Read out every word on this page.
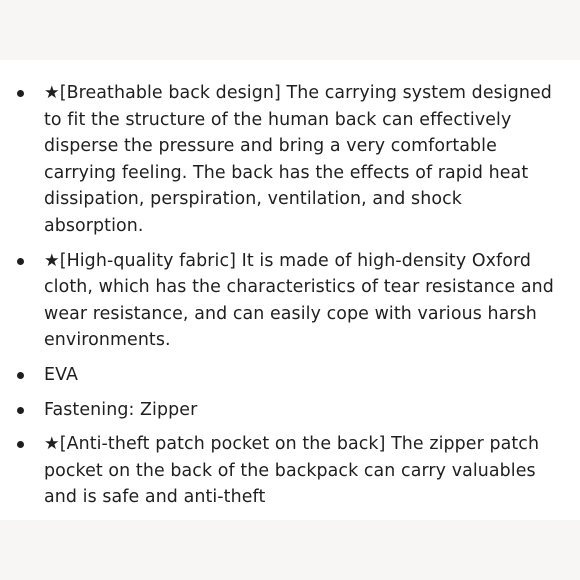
★[Breathable back design] The carrying system designed to fit the structure of the human back can effectively disperse the pressure and bring a very comfortable carrying feeling. The back has the effects of rapid heat dissipation, perspiration, ventilation, and shock absorption.
★[High-quality fabric] It is made of high-density Oxford cloth, which has the characteristics of tear resistance and wear resistance, and can easily cope with various harsh environments.
EVA
Fastening: Zipper
★[Anti-theft patch pocket on the back] The zipper patch pocket on the back of the backpack can carry valuables and is safe and anti-theft
